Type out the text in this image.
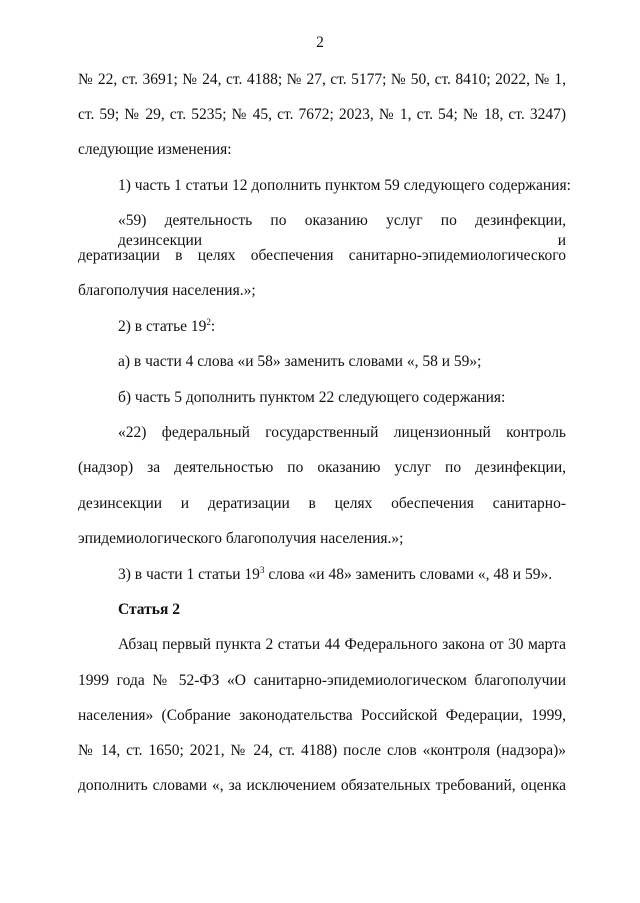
2
№ 22, ст. 3691; № 24, ст. 4188; № 27, ст. 5177; № 50, ст. 8410; 2022, № 1,
ст. 59; № 29, ст. 5235; № 45, ст. 7672; 2023, № 1, ст. 54; № 18, ст. 3247)
следующие изменения:
1) часть 1 статьи 12 дополнить пунктом 59 следующего содержания:
«59) деятельность по оказанию услуг по дезинфекции, дезинсекции и
дератизации в целях обеспечения санитарно-эпидемиологического
благополучия населения.»;
2) в статье $19^2$:
а) в части 4 слова «и 58» заменить словами «, 58 и 59»;
б) часть 5 дополнить пунктом 22 следующего содержания:
«22) федеральный государственный лицензионный контроль
(надзор) за деятельностью по оказанию услуг по дезинфекции,
дезинсекции и дератизации в целях обеспечения санитарно-
эпидемиологического благополучия населения.»;
3) в части 1 статьи $19^3$ слова «и 48» заменить словами «, 48 и 59».
Статья 2
Абзац первый пункта 2 статьи 44 Федерального закона от 30 марта
1999 года № 52-ФЗ «О санитарно-эпидемиологическом благополучии
населения» (Собрание законодательства Российской Федерации, 1999,
№ 14, ст. 1650; 2021, № 24, ст. 4188) после слов «контроля (надзора)»
дополнить словами «, за исключением обязательных требований, оценка
